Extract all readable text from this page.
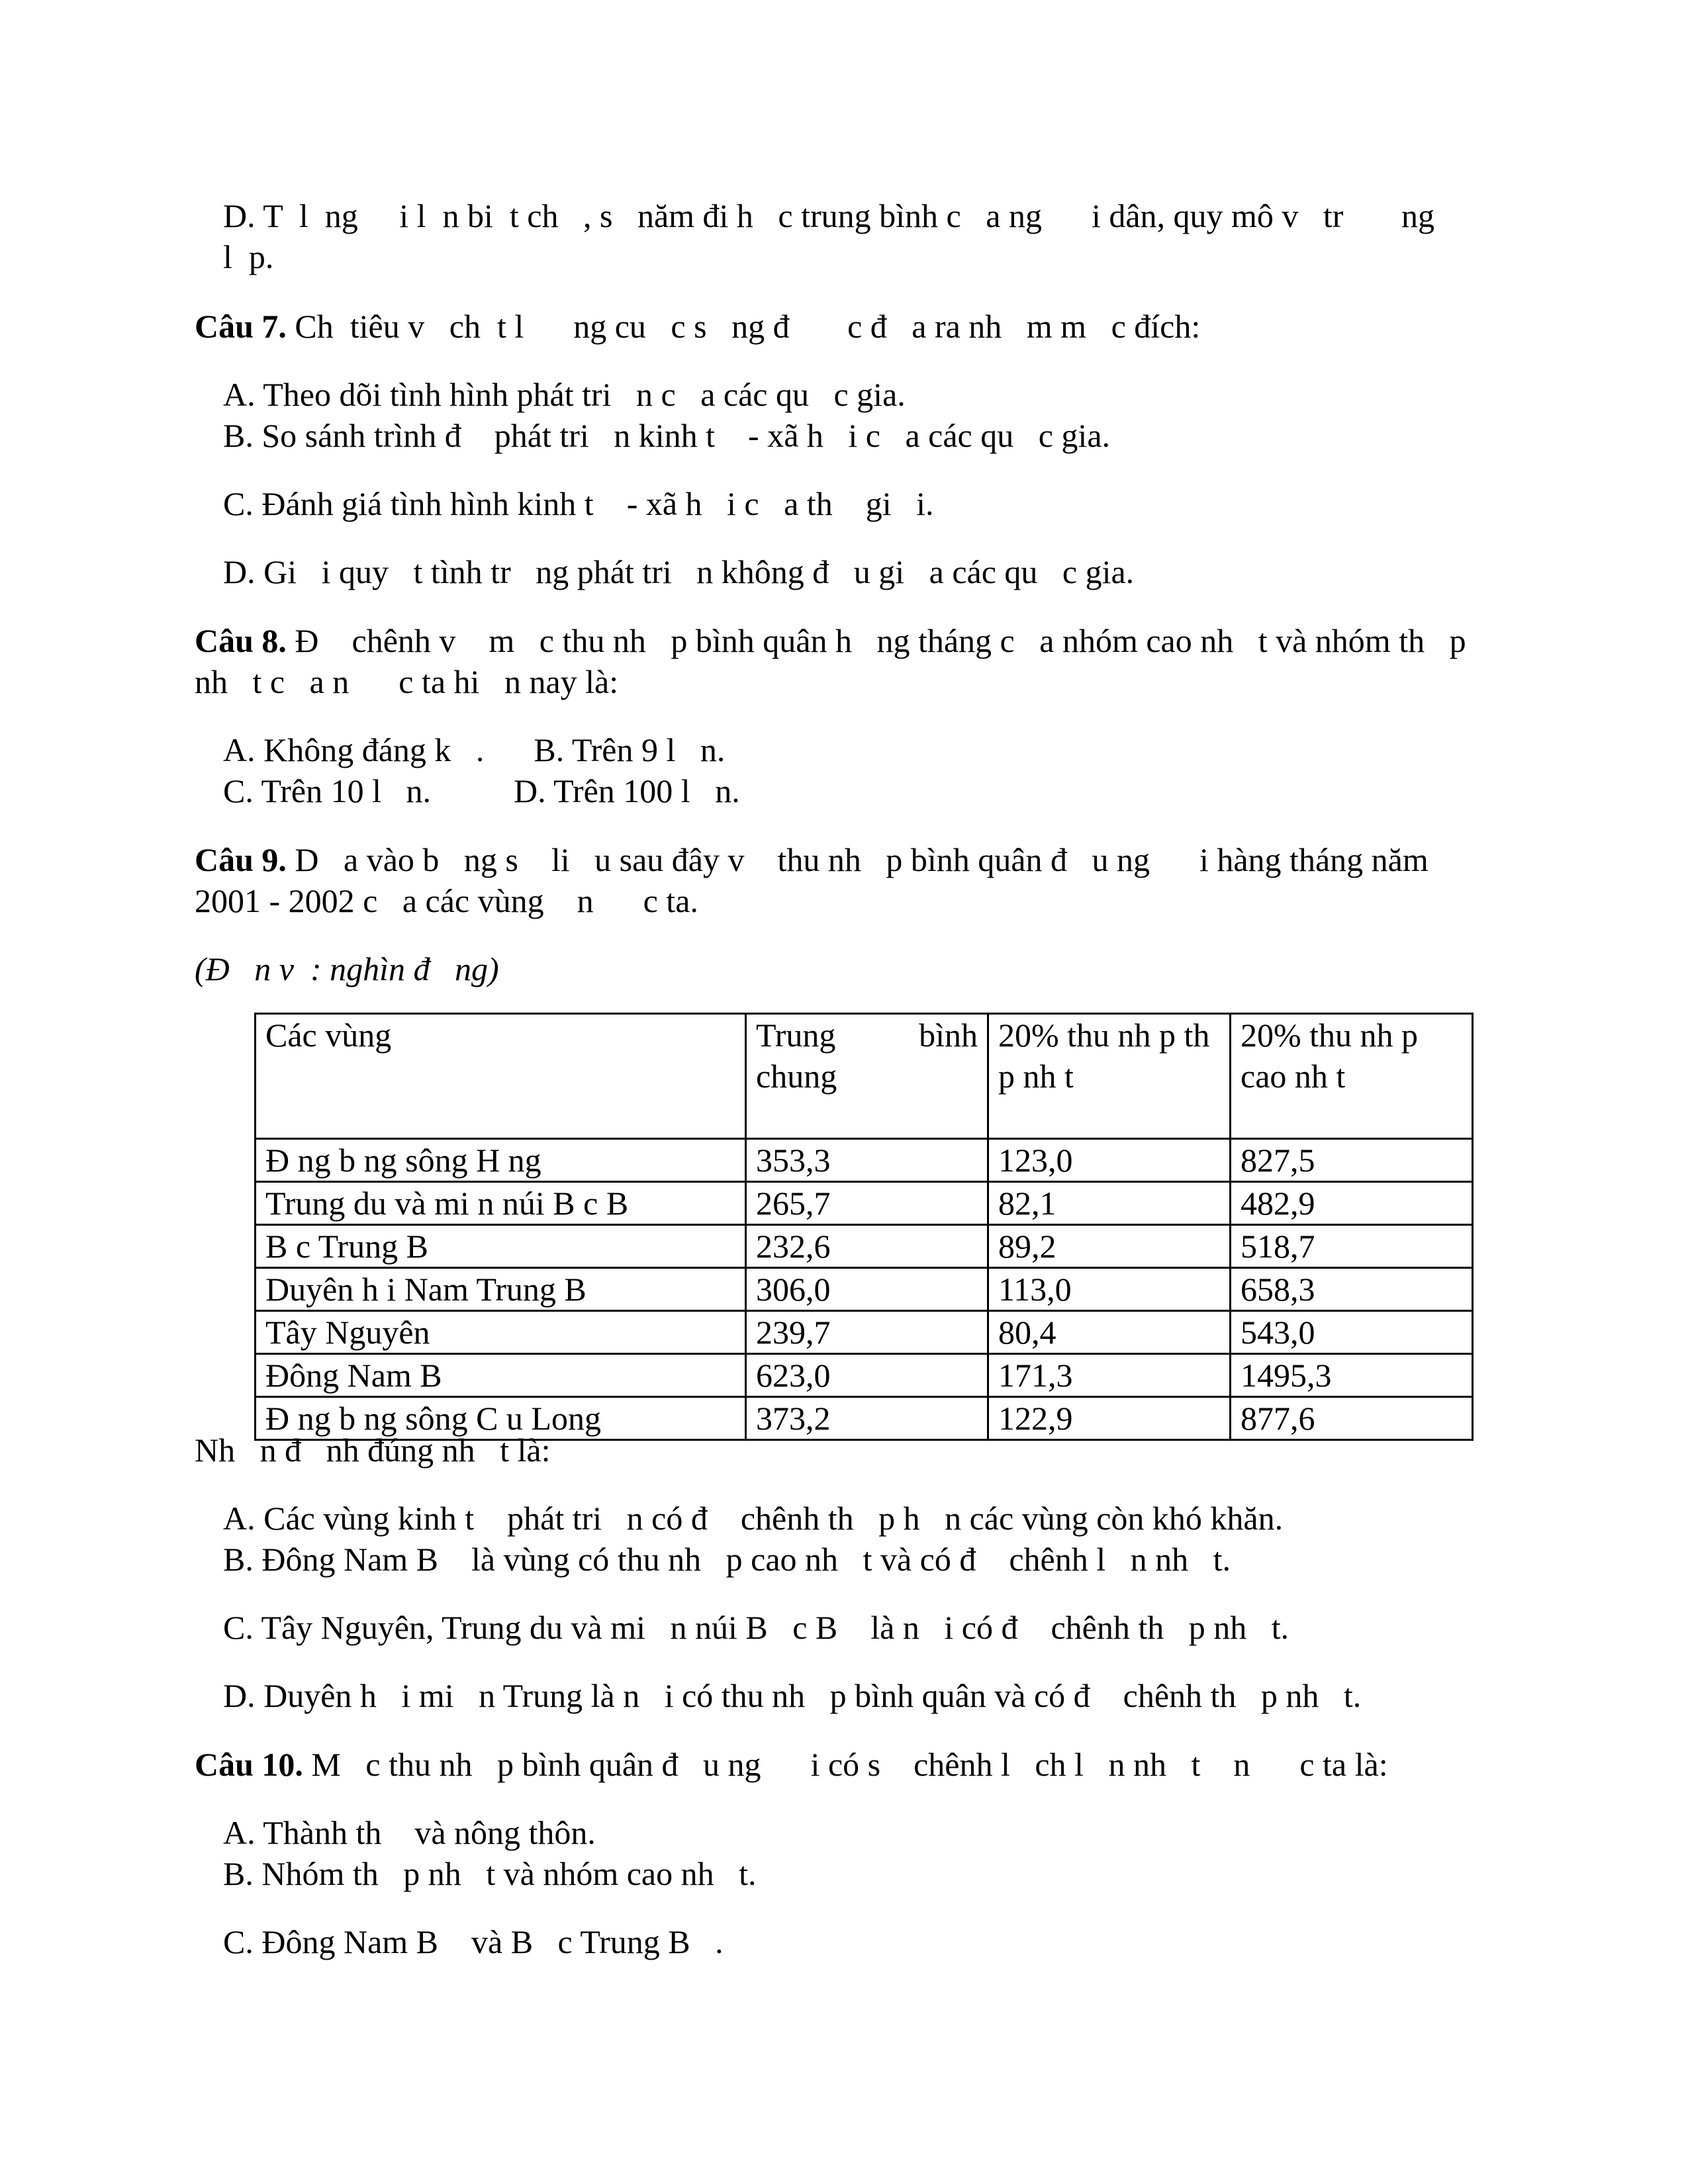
D. T  l  ng     i l  n bi  t ch   , s   năm đi h   c trung bình c   a ng      i dân, quy mô v   tr       ng
l  p.
Câu 7. Ch  tiêu v   ch  t l      ng cu   c s   ng đ       c đ   a ra nh   m m   c đích:
A. Theo dõi tình hình phát tri   n c   a các qu   c gia.
B. So sánh trình đ    phát tri   n kinh t    - xã h   i c   a các qu   c gia.
C. Đánh giá tình hình kinh t    - xã h   i c   a th    gi   i.
D. Gi   i quy   t tình tr   ng phát tri   n không đ   u gi   a các qu   c gia.
Câu 8. Đ    chênh v    m   c thu nh   p bình quân h   ng tháng c   a nhóm cao nh   t và nhóm th   p
nh   t c   a n      c ta hi   n nay là:
A. Không đáng k   .      B. Trên 9 l   n.
C. Trên 10 l   n.          D. Trên 100 l   n.
Câu 9. D   a vào b   ng s    li   u sau đây v    thu nh   p bình quân đ   u ng      i hàng tháng năm
2001 - 2002 c   a các vùng    n      c ta.
(Đ   n v  : nghìn đ   ng)
Các vùng	Trung bình chung	20% thu nh p th p nh t	20% thu nh p cao nh t
Đ ng b ng sông H ng	353,3	123,0	827,5
Trung du và mi n núi B c B	265,7	82,1	482,9
B c Trung B	232,6	89,2	518,7
Duyên h i Nam Trung B	306,0	113,0	658,3
Tây Nguyên	239,7	80,4	543,0
Đông Nam B	623,0	171,3	1495,3
Đ ng b ng sông C u Long	373,2	122,9	877,6
Nh   n đ   nh đúng nh   t là:
A. Các vùng kinh t    phát tri   n có đ    chênh th   p h   n các vùng còn khó khăn.
B. Đông Nam B    là vùng có thu nh   p cao nh   t và có đ    chênh l   n nh   t.
C. Tây Nguyên, Trung du và mi   n núi B   c B    là n   i có đ    chênh th   p nh   t.
D. Duyên h   i mi   n Trung là n   i có thu nh   p bình quân và có đ    chênh th   p nh   t.
Câu 10. M   c thu nh   p bình quân đ   u ng      i có s    chênh l   ch l   n nh   t    n      c ta là:
A. Thành th    và nông thôn.
B. Nhóm th   p nh   t và nhóm cao nh   t.
C. Đông Nam B    và B   c Trung B   .
